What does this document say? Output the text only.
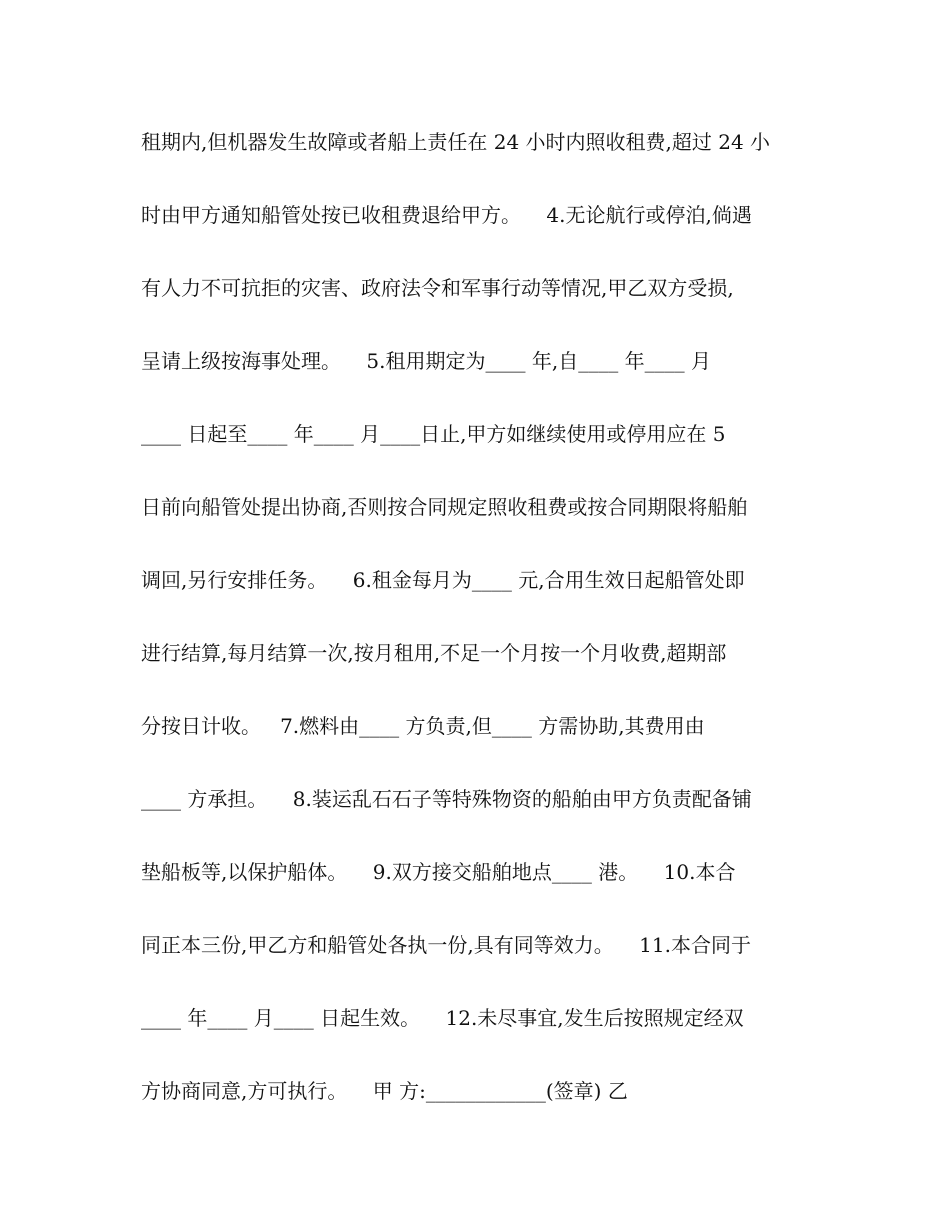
租期内,但机器发生故障或者船上责任在 24 小时内照收租费,超过 24 小
时由甲方通知船管处按已收租费退给甲方。    4.无论航行或停泊,倘遇
有人力不可抗拒的灾害、政府法令和军事行动等情况,甲乙双方受损,
呈请上级按海事处理。    5.租用期定为____ 年,自____ 年____ 月
____ 日起至____ 年____ 月____日止,甲方如继续使用或停用应在 5
日前向船管处提出协商,否则按合同规定照收租费或按合同期限将船舶
调回,另行安排任务。    6.租金每月为____ 元,合用生效日起船管处即
进行结算,每月结算一次,按月租用,不足一个月按一个月收费,超期部
分按日计收。   7.燃料由____ 方负责,但____ 方需协助,其费用由
____ 方承担。    8.装运乱石石子等特殊物资的船舶由甲方负责配备铺
垫船板等,以保护船体。    9.双方接交船舶地点____ 港。    10.本合
同正本三份,甲乙方和船管处各执一份,具有同等效力。    11.本合同于
____ 年____ 月____ 日起生效。    12.未尽事宜,发生后按照规定经双
方协商同意,方可执行。    甲 方:____________(签章) 乙
